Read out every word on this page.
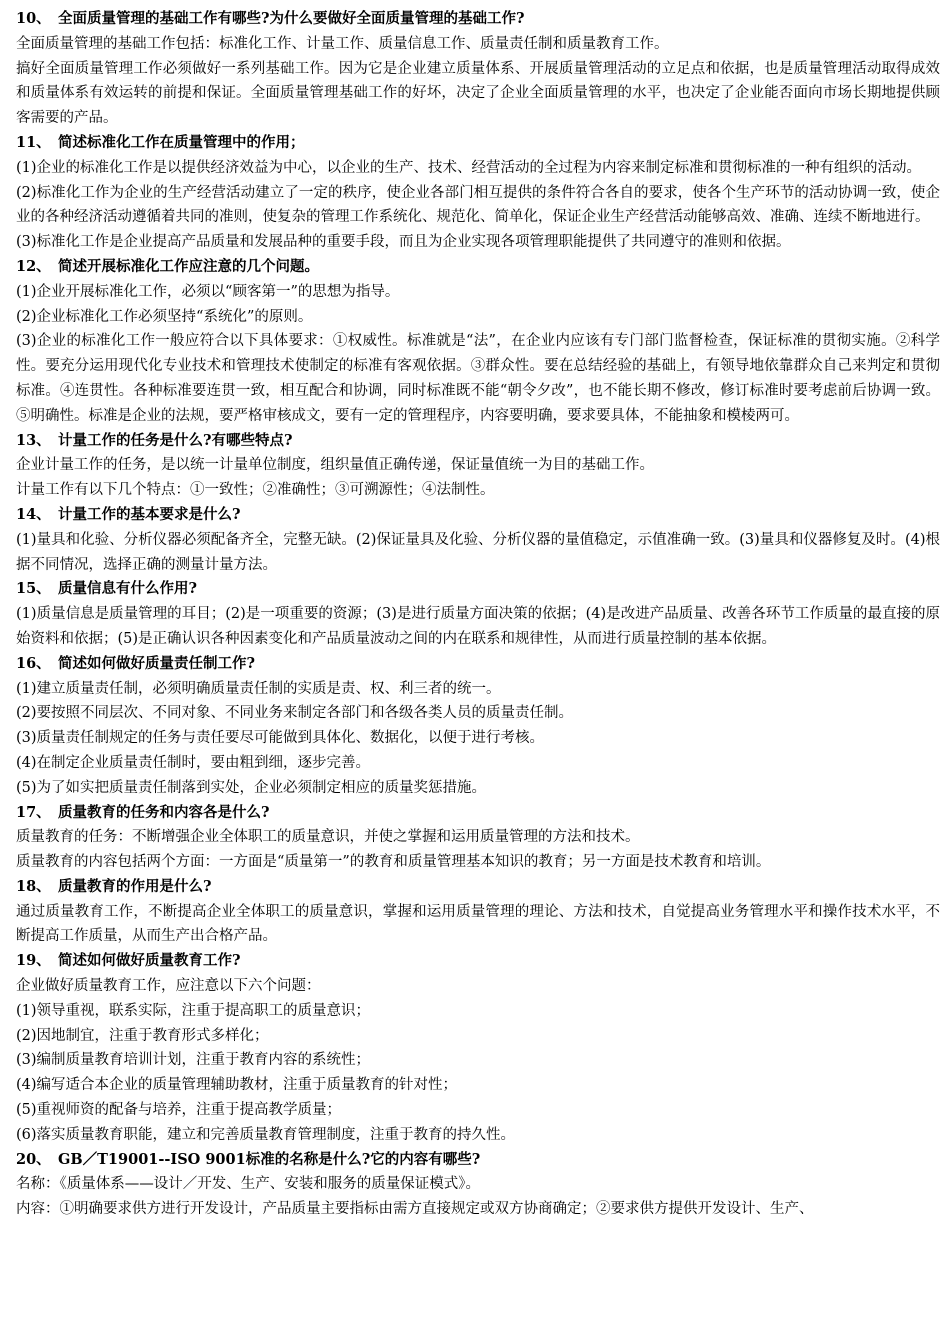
10、 全面质量管理的基础工作有哪些?为什么要做好全面质量管理的基础工作?

全面质量管理的基础工作包括：标准化工作、计量工作、质量信息工作、质量责任制和质量教育工作。

搞好全面质量管理工作必须做好一系列基础工作。因为它是企业建立质量体系、开展质量管理活动的立足点和依据，也是质量管理活动取得成效和质量体系有效运转的前提和保证。全面质量管理基础工作的好坏，决定了企业全面质量管理的水平，也决定了企业能否面向市场长期地提供顾客需要的产品。

11、 简述标准化工作在质量管理中的作用；

(1)企业的标准化工作是以提供经济效益为中心，以企业的生产、技术、经营活动的全过程为内容来制定标准和贯彻标准的一种有组织的活动。

(2)标准化工作为企业的生产经营活动建立了一定的秩序，使企业各部门相互提供的条件符合各自的要求，使各个生产环节的活动协调一致，使企业的各种经济活动遵循着共同的准则，使复杂的管理工作系统化、规范化、简单化，保证企业生产经营活动能够高效、准确、连续不断地进行。

(3)标准化工作是企业提高产品质量和发展品种的重要手段，而且为企业实现各项管理职能提供了共同遵守的准则和依据。

12、 简述开展标准化工作应注意的几个问题。

(1)企业开展标准化工作，必须以“顾客第一”的思想为指导。

(2)企业标准化工作必须坚持“系统化”的原则。

(3)企业的标准化工作一般应符合以下具体要求：①权威性。标准就是“法”，在企业内应该有专门部门监督检查，保证标准的贯彻实施。②科学性。要充分运用现代化专业技术和管理技术使制定的标准有客观依据。③群众性。要在总结经验的基础上，有领导地依靠群众自己来判定和贯彻标准。④连贯性。各种标准要连贯一致，相互配合和协调，同时标准既不能“朝令夕改”，也不能长期不修改，修订标准时要考虑前后协调一致。⑤明确性。标准是企业的法规，要严格审核成文，要有一定的管理程序，内容要明确，要求要具体，不能抽象和模棱两可。

13、 计量工作的任务是什么?有哪些特点?

企业计量工作的任务，是以统一计量单位制度，组织量值正确传递，保证量值统一为目的基础工作。

计量工作有以下几个特点：①一致性；②准确性；③可溯源性；④法制性。

14、 计量工作的基本要求是什么?

(1)量具和化验、分析仪器必须配备齐全，完整无缺。(2)保证量具及化验、分析仪器的量值稳定，示值准确一致。(3)量具和仪器修复及时。(4)根据不同情况，选择正确的测量计量方法。

15、 质量信息有什么作用?

(1)质量信息是质量管理的耳目；(2)是一项重要的资源；(3)是进行质量方面决策的依据；(4)是改进产品质量、改善各环节工作质量的最直接的原始资料和依据；(5)是正确认识各种因素变化和产品质量波动之间的内在联系和规律性，从而进行质量控制的基本依据。

16、 简述如何做好质量责任制工作?

(1)建立质量责任制，必须明确质量责任制的实质是责、权、利三者的统一。

(2)要按照不同层次、不同对象、不同业务来制定各部门和各级各类人员的质量责任制。

(3)质量责任制规定的任务与责任要尽可能做到具体化、数据化，以便于进行考核。

(4)在制定企业质量责任制时，要由粗到细，逐步完善。

(5)为了如实把质量责任制落到实处，企业必须制定相应的质量奖惩措施。

17、 质量教育的任务和内容各是什么?

质量教育的任务：不断增强企业全体职工的质量意识，并使之掌握和运用质量管理的方法和技术。

质量教育的内容包括两个方面：一方面是“质量第一”的教育和质量管理基本知识的教育；另一方面是技术教育和培训。

18、 质量教育的作用是什么?

通过质量教育工作，不断提高企业全体职工的质量意识，掌握和运用质量管理的理论、方法和技术，自觉提高业务管理水平和操作技术水平，不断提高工作质量，从而生产出合格产品。

19、 简述如何做好质量教育工作?

企业做好质量教育工作，应注意以下六个问题：

(1)领导重视，联系实际，注重于提高职工的质量意识；

(2)因地制宜，注重于教育形式多样化；

(3)编制质量教育培训计划，注重于教育内容的系统性；

(4)编写适合本企业的质量管理辅助教材，注重于质量教育的针对性；

(5)重视师资的配备与培养，注重于提高教学质量；

(6)落实质量教育职能，建立和完善质量教育管理制度，注重于教育的持久性。

20、 GB／T19001--ISO 9001标准的名称是什么?它的内容有哪些?

名称：《质量体系——设计／开发、生产、安装和服务的质量保证模式》。

内容：①明确要求供方进行开发设计，产品质量主要指标由需方直接规定或双方协商确定；②要求供方提供开发设计、生产、
